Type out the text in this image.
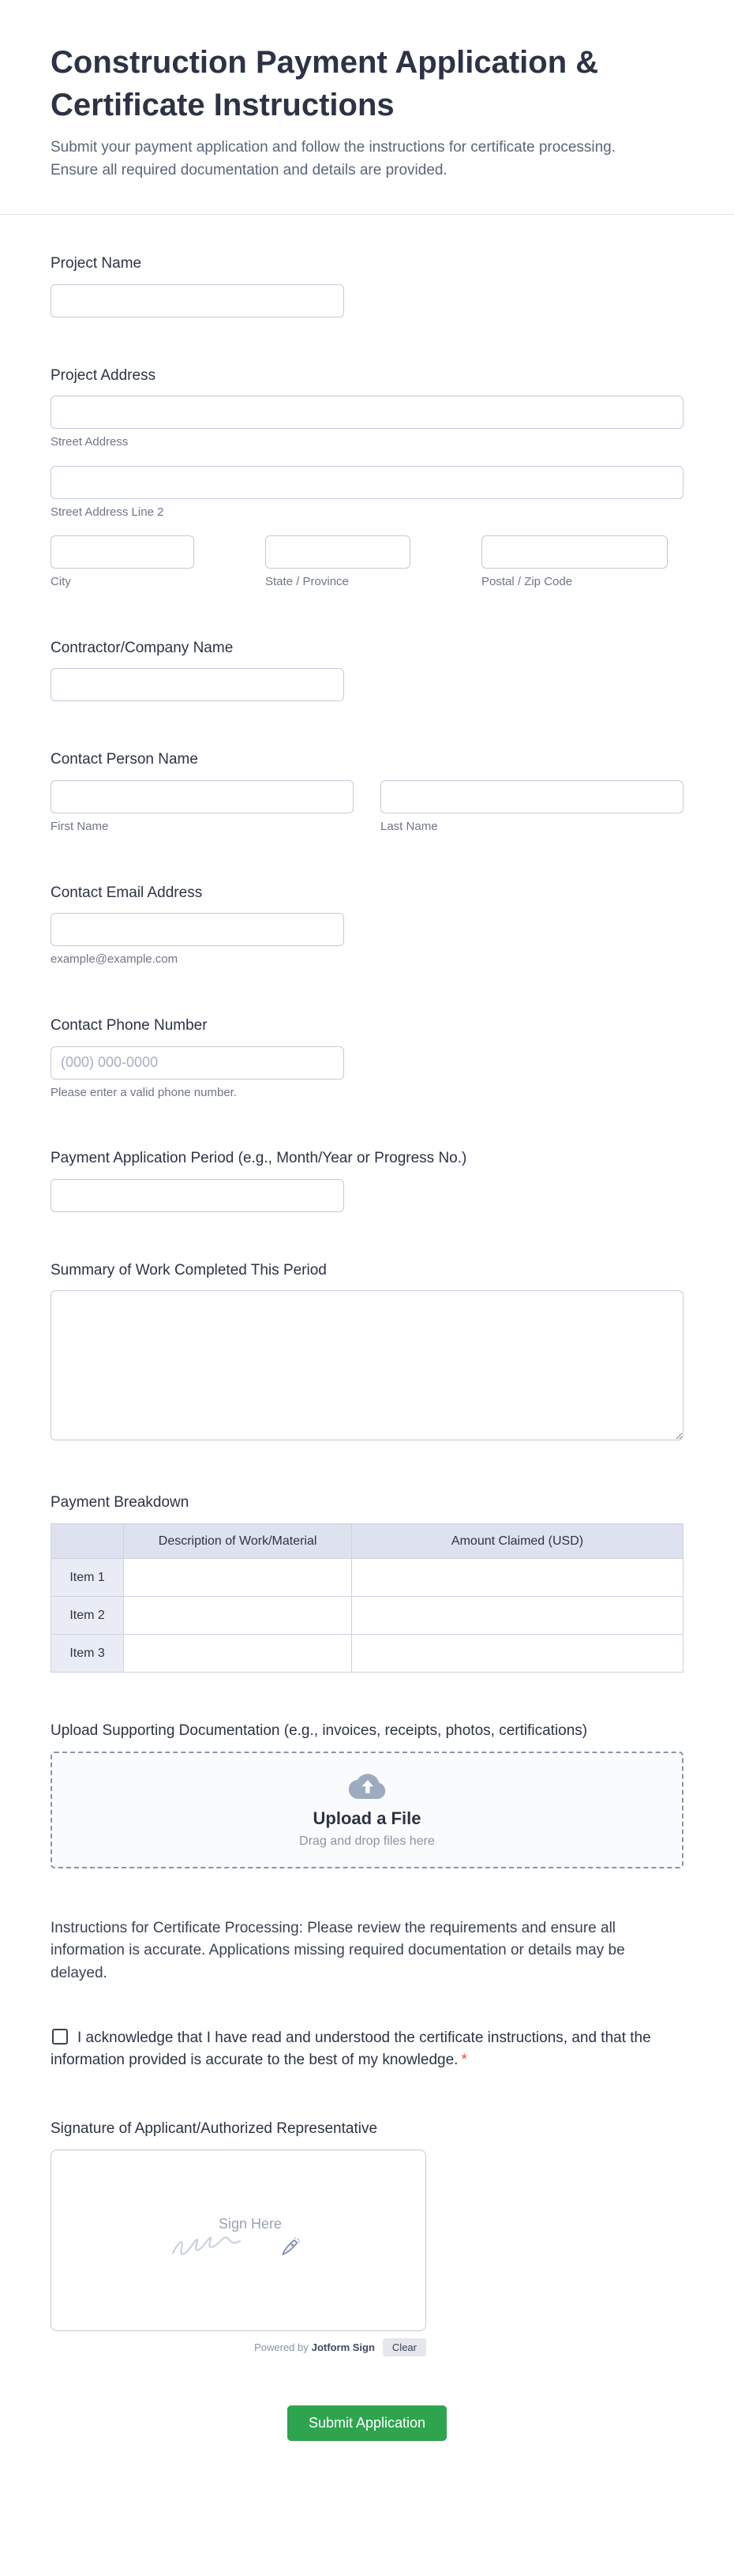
Construction Payment Application & Certificate Instructions

Submit your payment application and follow the instructions for certificate processing. Ensure all required documentation and details are provided.

Project Name
Project Address
Street Address
Street Address Line 2
City	State / Province	Postal / Zip Code
Contractor/Company Name
Contact Person Name
First Name	Last Name
Contact Email Address
example@example.com
Contact Phone Number
(000) 000-0000
Please enter a valid phone number.
Payment Application Period (e.g., Month/Year or Progress No.)
Summary of Work Completed This Period
Payment Breakdown
	Description of Work/Material	Amount Claimed (USD)
Item 1		
Item 2		
Item 3		
Upload Supporting Documentation (e.g., invoices, receipts, photos, certifications)
Upload a File
Drag and drop files here

Instructions for Certificate Processing: Please review the requirements and ensure all information is accurate. Applications missing required documentation or details may be delayed.

I acknowledge that I have read and understood the certificate instructions, and that the information provided is accurate to the best of my knowledge. *
Signature of Applicant/Authorized Representative
Sign Here
Powered by Jotform Sign	Clear
Submit Application
